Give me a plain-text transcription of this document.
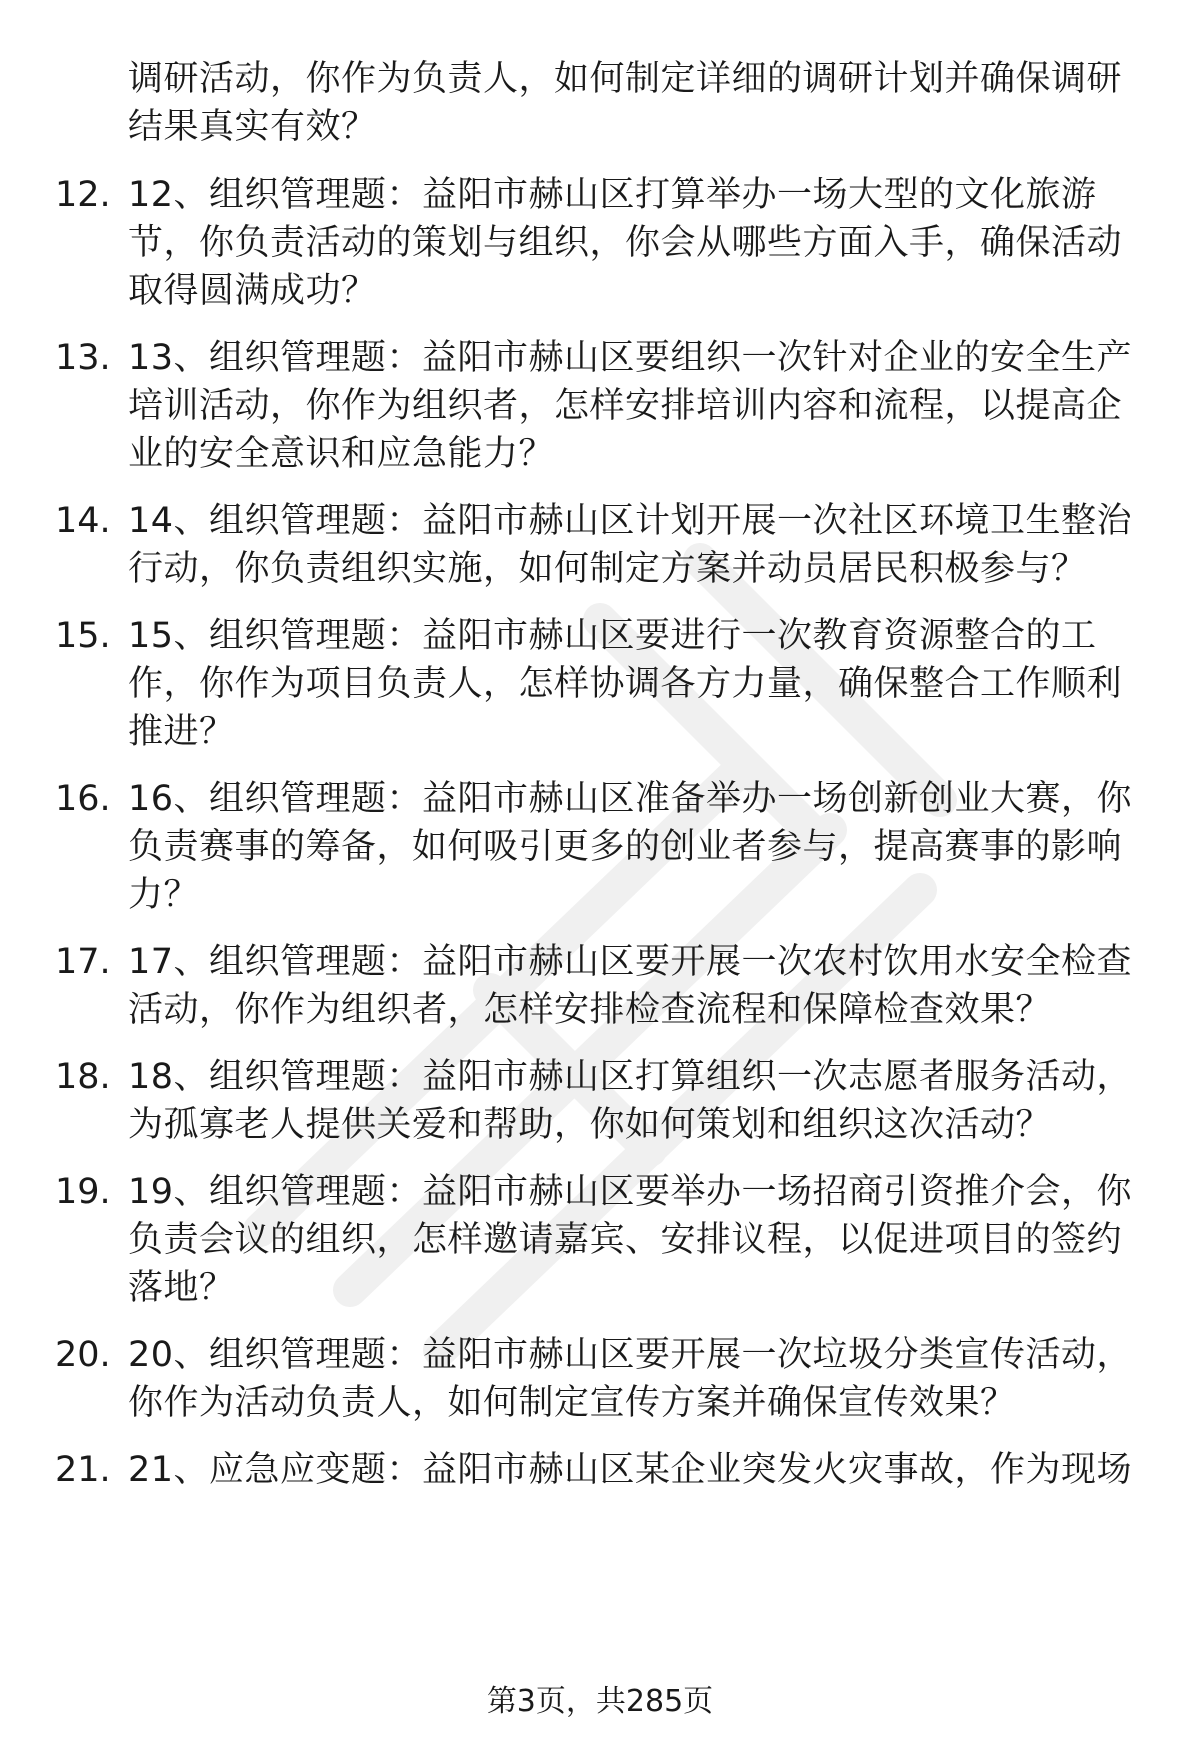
调研活动，你作为负责人，如何制定详细的调研计划并确保调研
结果真实有效？
12. 12、组织管理题：益阳市赫山区打算举办一场大型的文化旅游
节，你负责活动的策划与组织，你会从哪些方面入手，确保活动
取得圆满成功？
13. 13、组织管理题：益阳市赫山区要组织一次针对企业的安全生产
培训活动，你作为组织者，怎样安排培训内容和流程，以提高企
业的安全意识和应急能力？
14. 14、组织管理题：益阳市赫山区计划开展一次社区环境卫生整治
行动，你负责组织实施，如何制定方案并动员居民积极参与？
15. 15、组织管理题：益阳市赫山区要进行一次教育资源整合的工
作，你作为项目负责人，怎样协调各方力量，确保整合工作顺利
推进？
16. 16、组织管理题：益阳市赫山区准备举办一场创新创业大赛，你
负责赛事的筹备，如何吸引更多的创业者参与，提高赛事的影响
力？
17. 17、组织管理题：益阳市赫山区要开展一次农村饮用水安全检查
活动，你作为组织者，怎样安排检查流程和保障检查效果？
18. 18、组织管理题：益阳市赫山区打算组织一次志愿者服务活动，
为孤寡老人提供关爱和帮助，你如何策划和组织这次活动？
19. 19、组织管理题：益阳市赫山区要举办一场招商引资推介会，你
负责会议的组织，怎样邀请嘉宾、安排议程，以促进项目的签约
落地？
20. 20、组织管理题：益阳市赫山区要开展一次垃圾分类宣传活动，
你作为活动负责人，如何制定宣传方案并确保宣传效果？
21. 21、应急应变题：益阳市赫山区某企业突发火灾事故，作为现场
第3页，共285页
